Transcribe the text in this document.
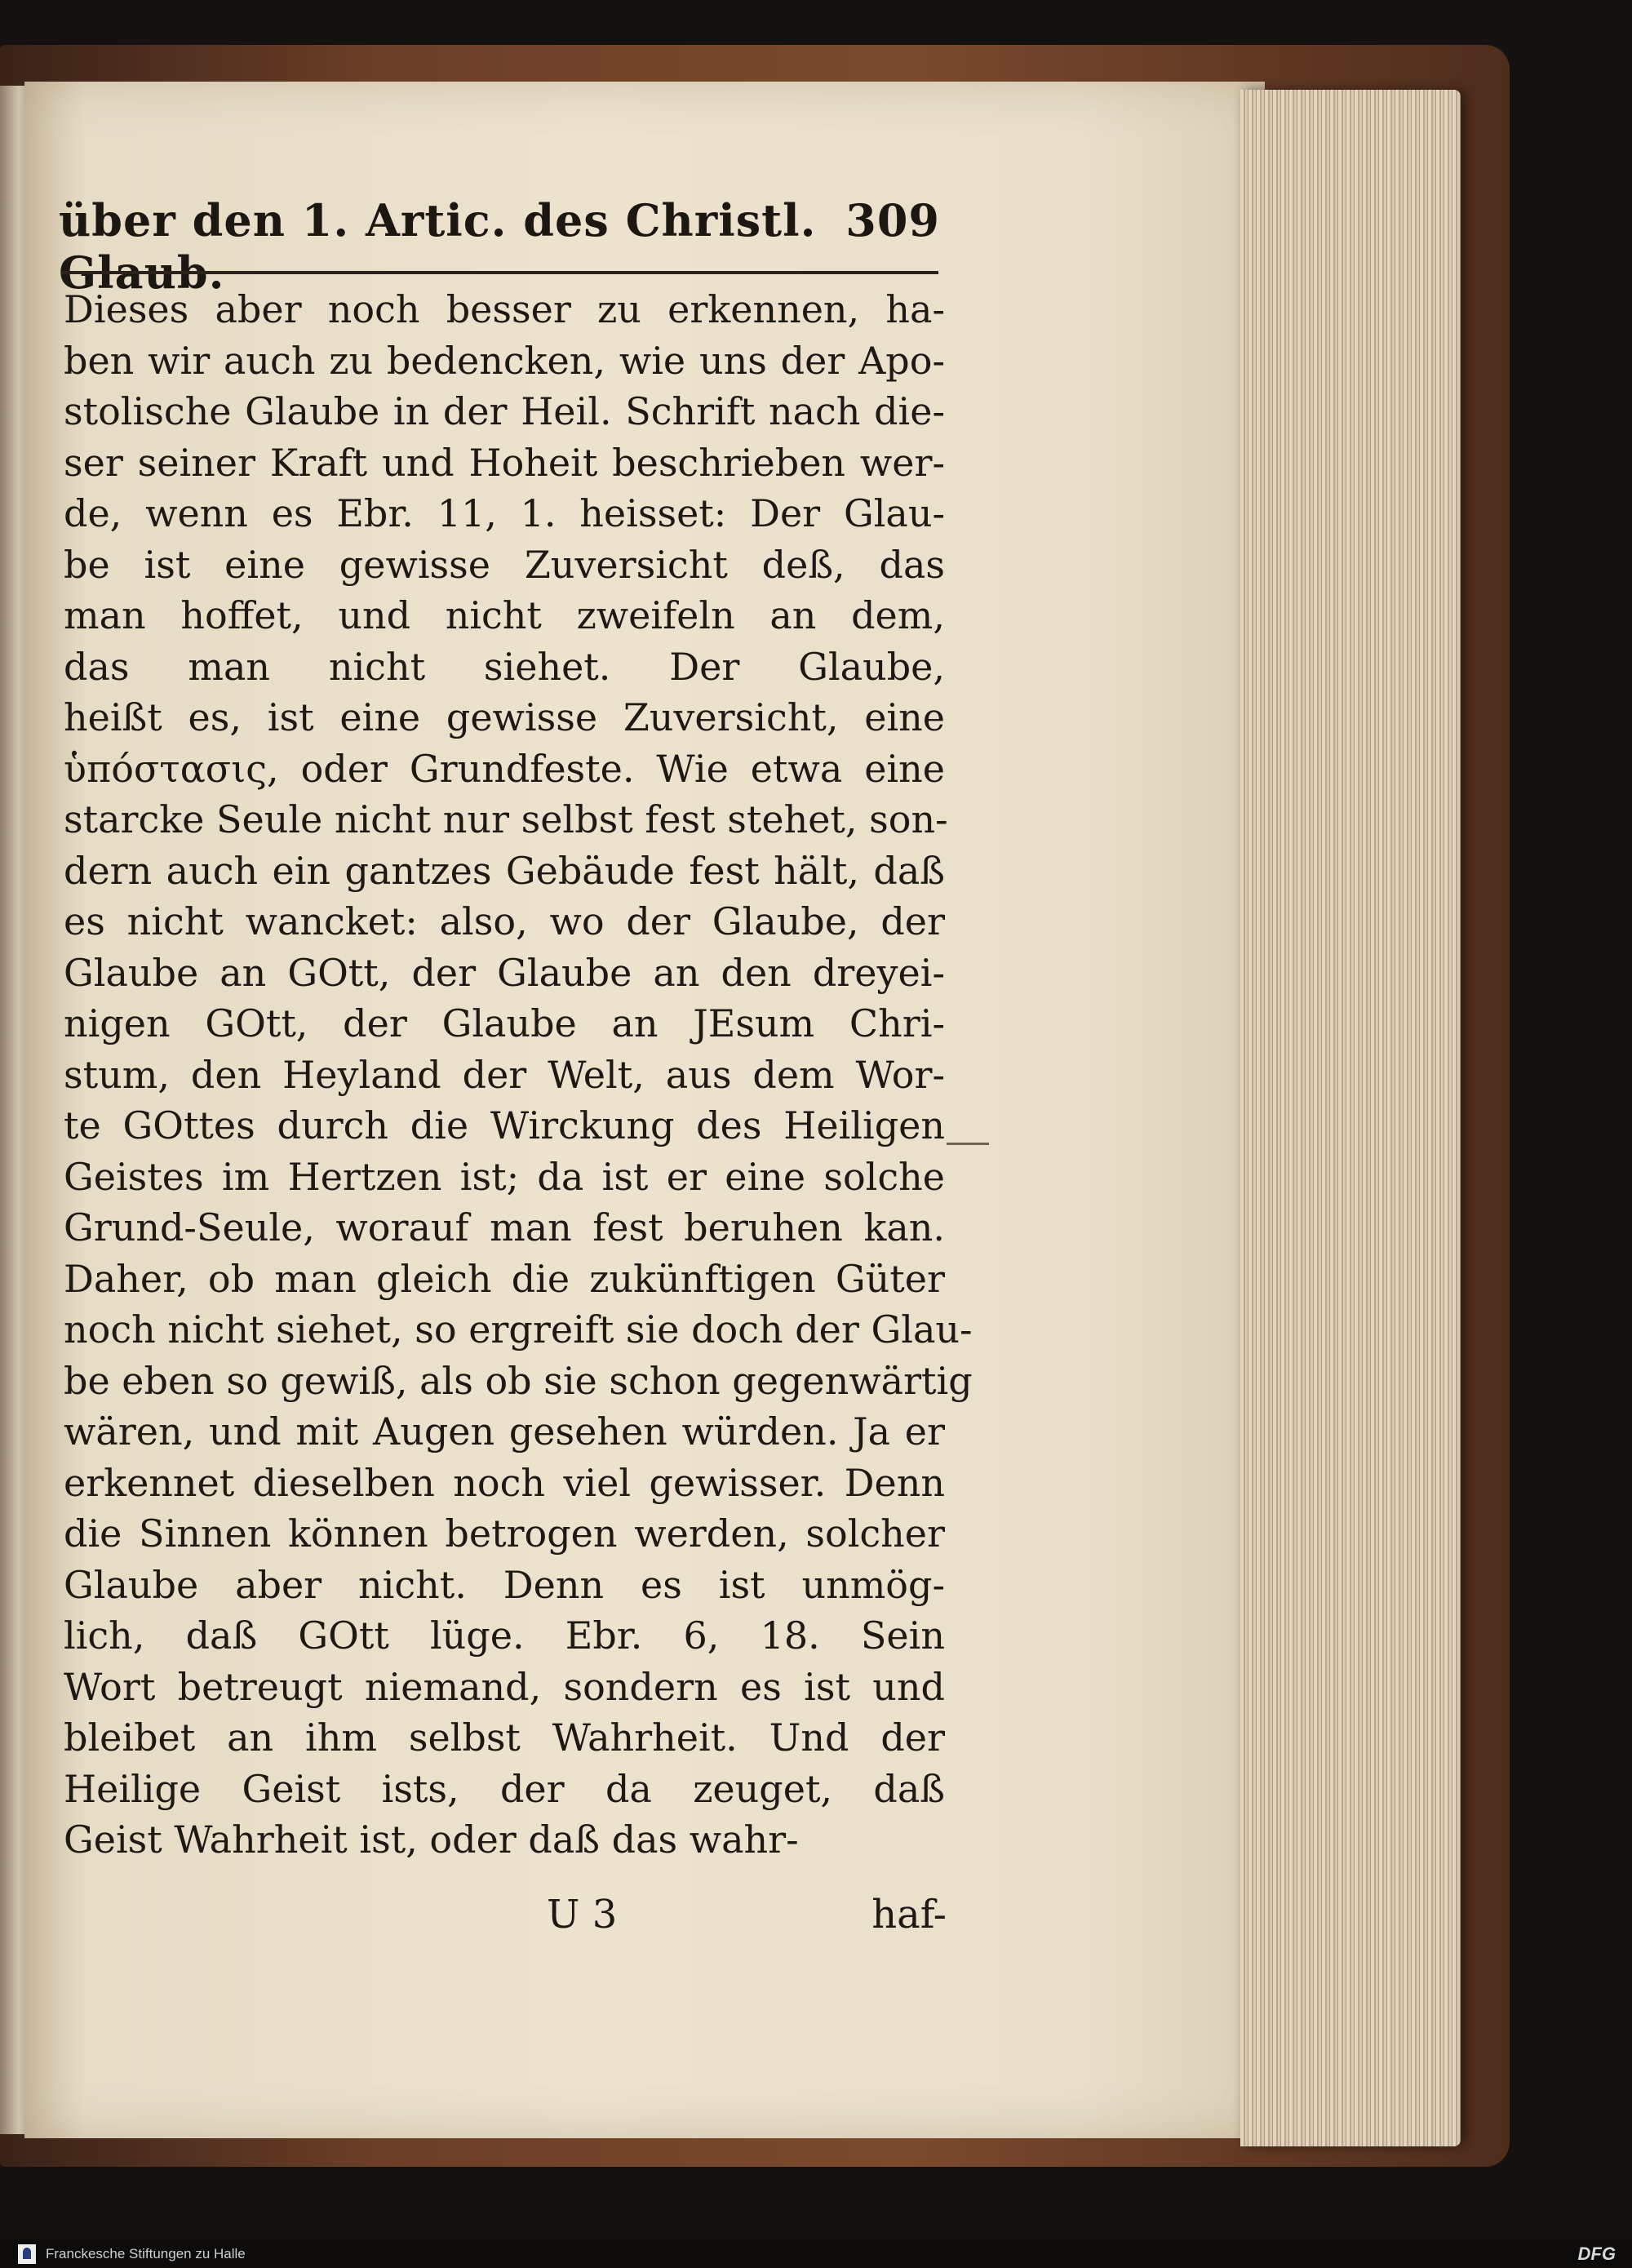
über den 1. Artic. des Christl. Glaub.
309
Dieses aber noch besser zu erkennen, ha-
ben wir auch zu bedencken, wie uns der Apo-
stolische Glaube in der Heil. Schrift nach die-
ser seiner Kraft und Hoheit beschrieben wer-
de, wenn es Ebr. 11, 1. heisset: Der Glau-
be ist eine gewisse Zuversicht deß, das
man hoffet, und nicht zweifeln an dem,
das man nicht siehet. Der Glaube,
heißt es, ist eine gewisse Zuversicht, eine
ὑπόστασις, oder Grundfeste. Wie etwa eine
starcke Seule nicht nur selbst fest stehet, son-
dern auch ein gantzes Gebäude fest hält, daß
es nicht wancket: also, wo der Glaube, der
Glaube an GOtt, der Glaube an den dreyei-
nigen GOtt, der Glaube an JEsum Chri-
stum, den Heyland der Welt, aus dem Wor-
te GOttes durch die Wirckung des Heiligen
Geistes im Hertzen ist; da ist er eine solche
Grund-Seule, worauf man fest beruhen kan.
Daher, ob man gleich die zukünftigen Güter
noch nicht siehet, so ergreift sie doch der Glau-
be eben so gewiß, als ob sie schon gegenwärtig
wären, und mit Augen gesehen würden. Ja er
erkennet dieselben noch viel gewisser. Denn
die Sinnen können betrogen werden, solcher
Glaube aber nicht. Denn es ist unmög-
lich, daß GOtt lüge. Ebr. 6, 18. Sein
Wort betreugt niemand, sondern es ist und
bleibet an ihm selbst Wahrheit. Und der
Heilige Geist ists, der da zeuget, daß
Geist Wahrheit ist, oder daß das wahr-
U 3	haf-
Franckesche Stiftungen zu Halle	DFG
